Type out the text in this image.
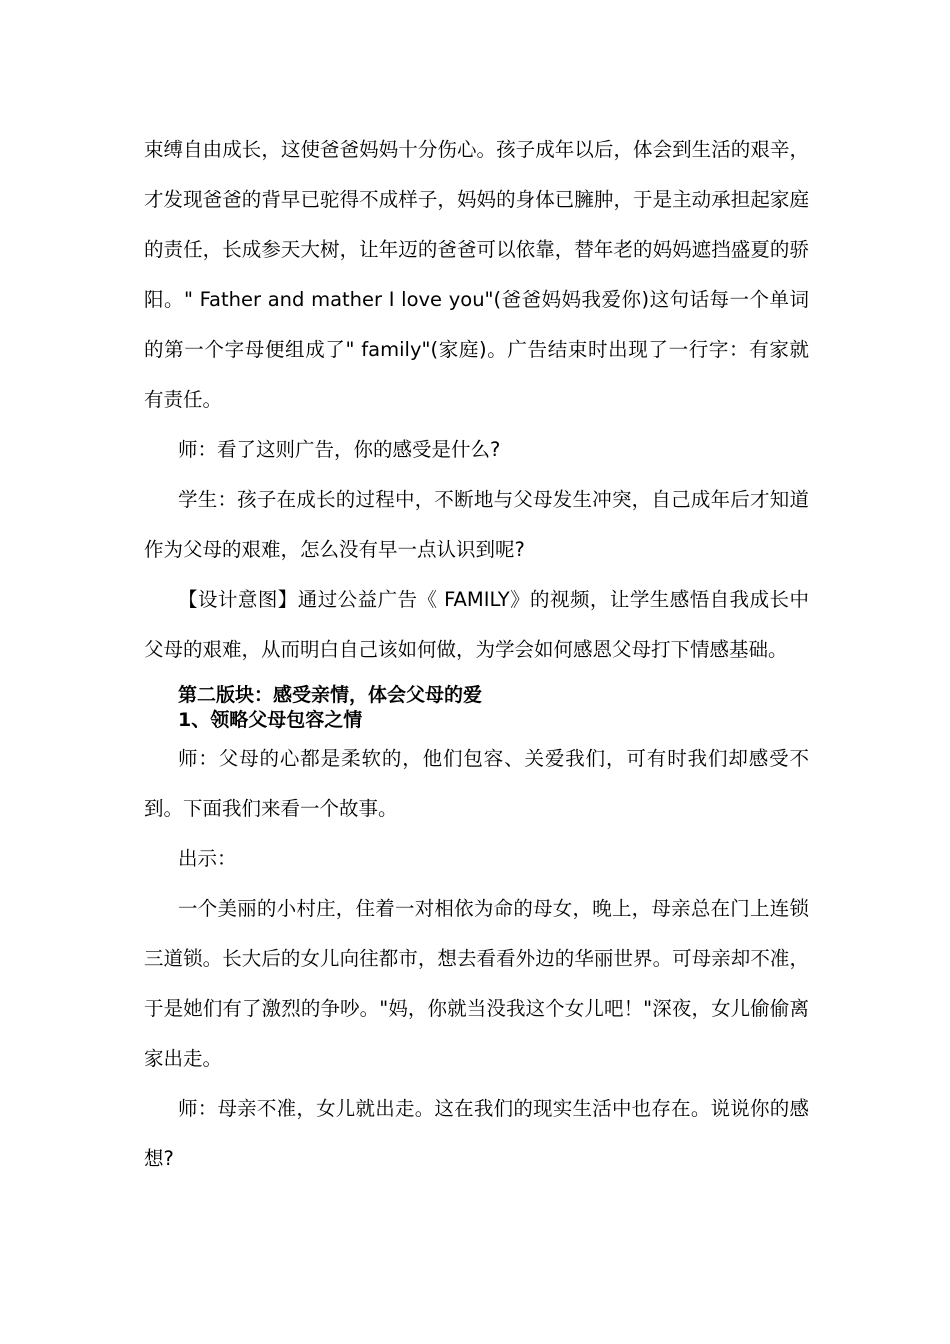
束缚自由成长，这使爸爸妈妈十分伤心。孩子成年以后，体会到生活的艰辛，才发现爸爸的背早已驼得不成样子，妈妈的身体已臃肿，于是主动承担起家庭的责任，长成参天大树，让年迈的爸爸可以依靠，替年老的妈妈遮挡盛夏的骄阳。" Father and mather I love you"(爸爸妈妈我爱你)这句话每一个单词的第一个字母便组成了" family"(家庭)。广告结束时出现了一行字：有家就有责任。

师：看了这则广告，你的感受是什么?

学生：孩子在成长的过程中，不断地与父母发生冲突，自己成年后才知道作为父母的艰难，怎么没有早一点认识到呢?

【设计意图】通过公益广告《 FAMILY》的视频，让学生感悟自我成长中父母的艰难，从而明白自己该如何做，为学会如何感恩父母打下情感基础。

第二版块：感受亲情，体会父母的爱

1、领略父母包容之情

师：父母的心都是柔软的，他们包容、关爱我们，可有时我们却感受不到。下面我们来看一个故事。

出示：

一个美丽的小村庄，住着一对相依为命的母女，晚上，母亲总在门上连锁三道锁。长大后的女儿向往都市，想去看看外边的华丽世界。可母亲却不准，于是她们有了激烈的争吵。"妈，你就当没我这个女儿吧！"深夜，女儿偷偷离家出走。

师：母亲不准，女儿就出走。这在我们的现实生活中也存在。说说你的感想?
